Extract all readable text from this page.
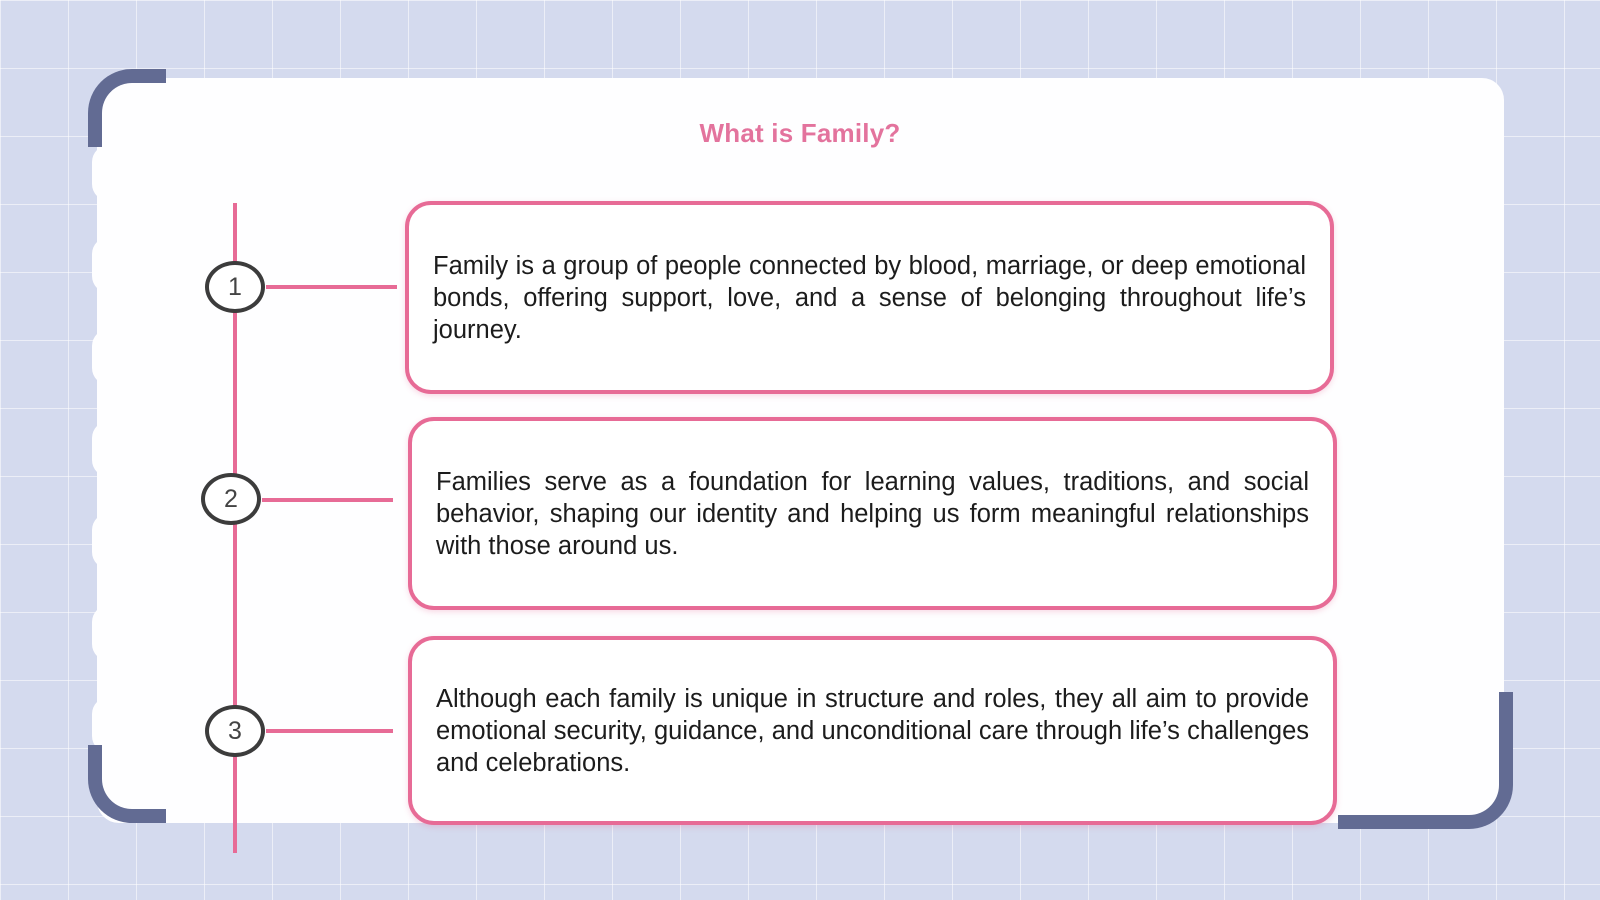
What is Family?
1

Family is a group of people connected by blood, marriage, or deep emotional bonds, offering support, love, and a sense of belonging throughout life’s journey.

2

Families serve as a foundation for learning values, traditions, and social behavior, shaping our identity and helping us form meaningful relationships with those around us.

3

Although each family is unique in structure and roles, they all aim to provide emotional security, guidance, and unconditional care through life’s challenges and celebrations.
